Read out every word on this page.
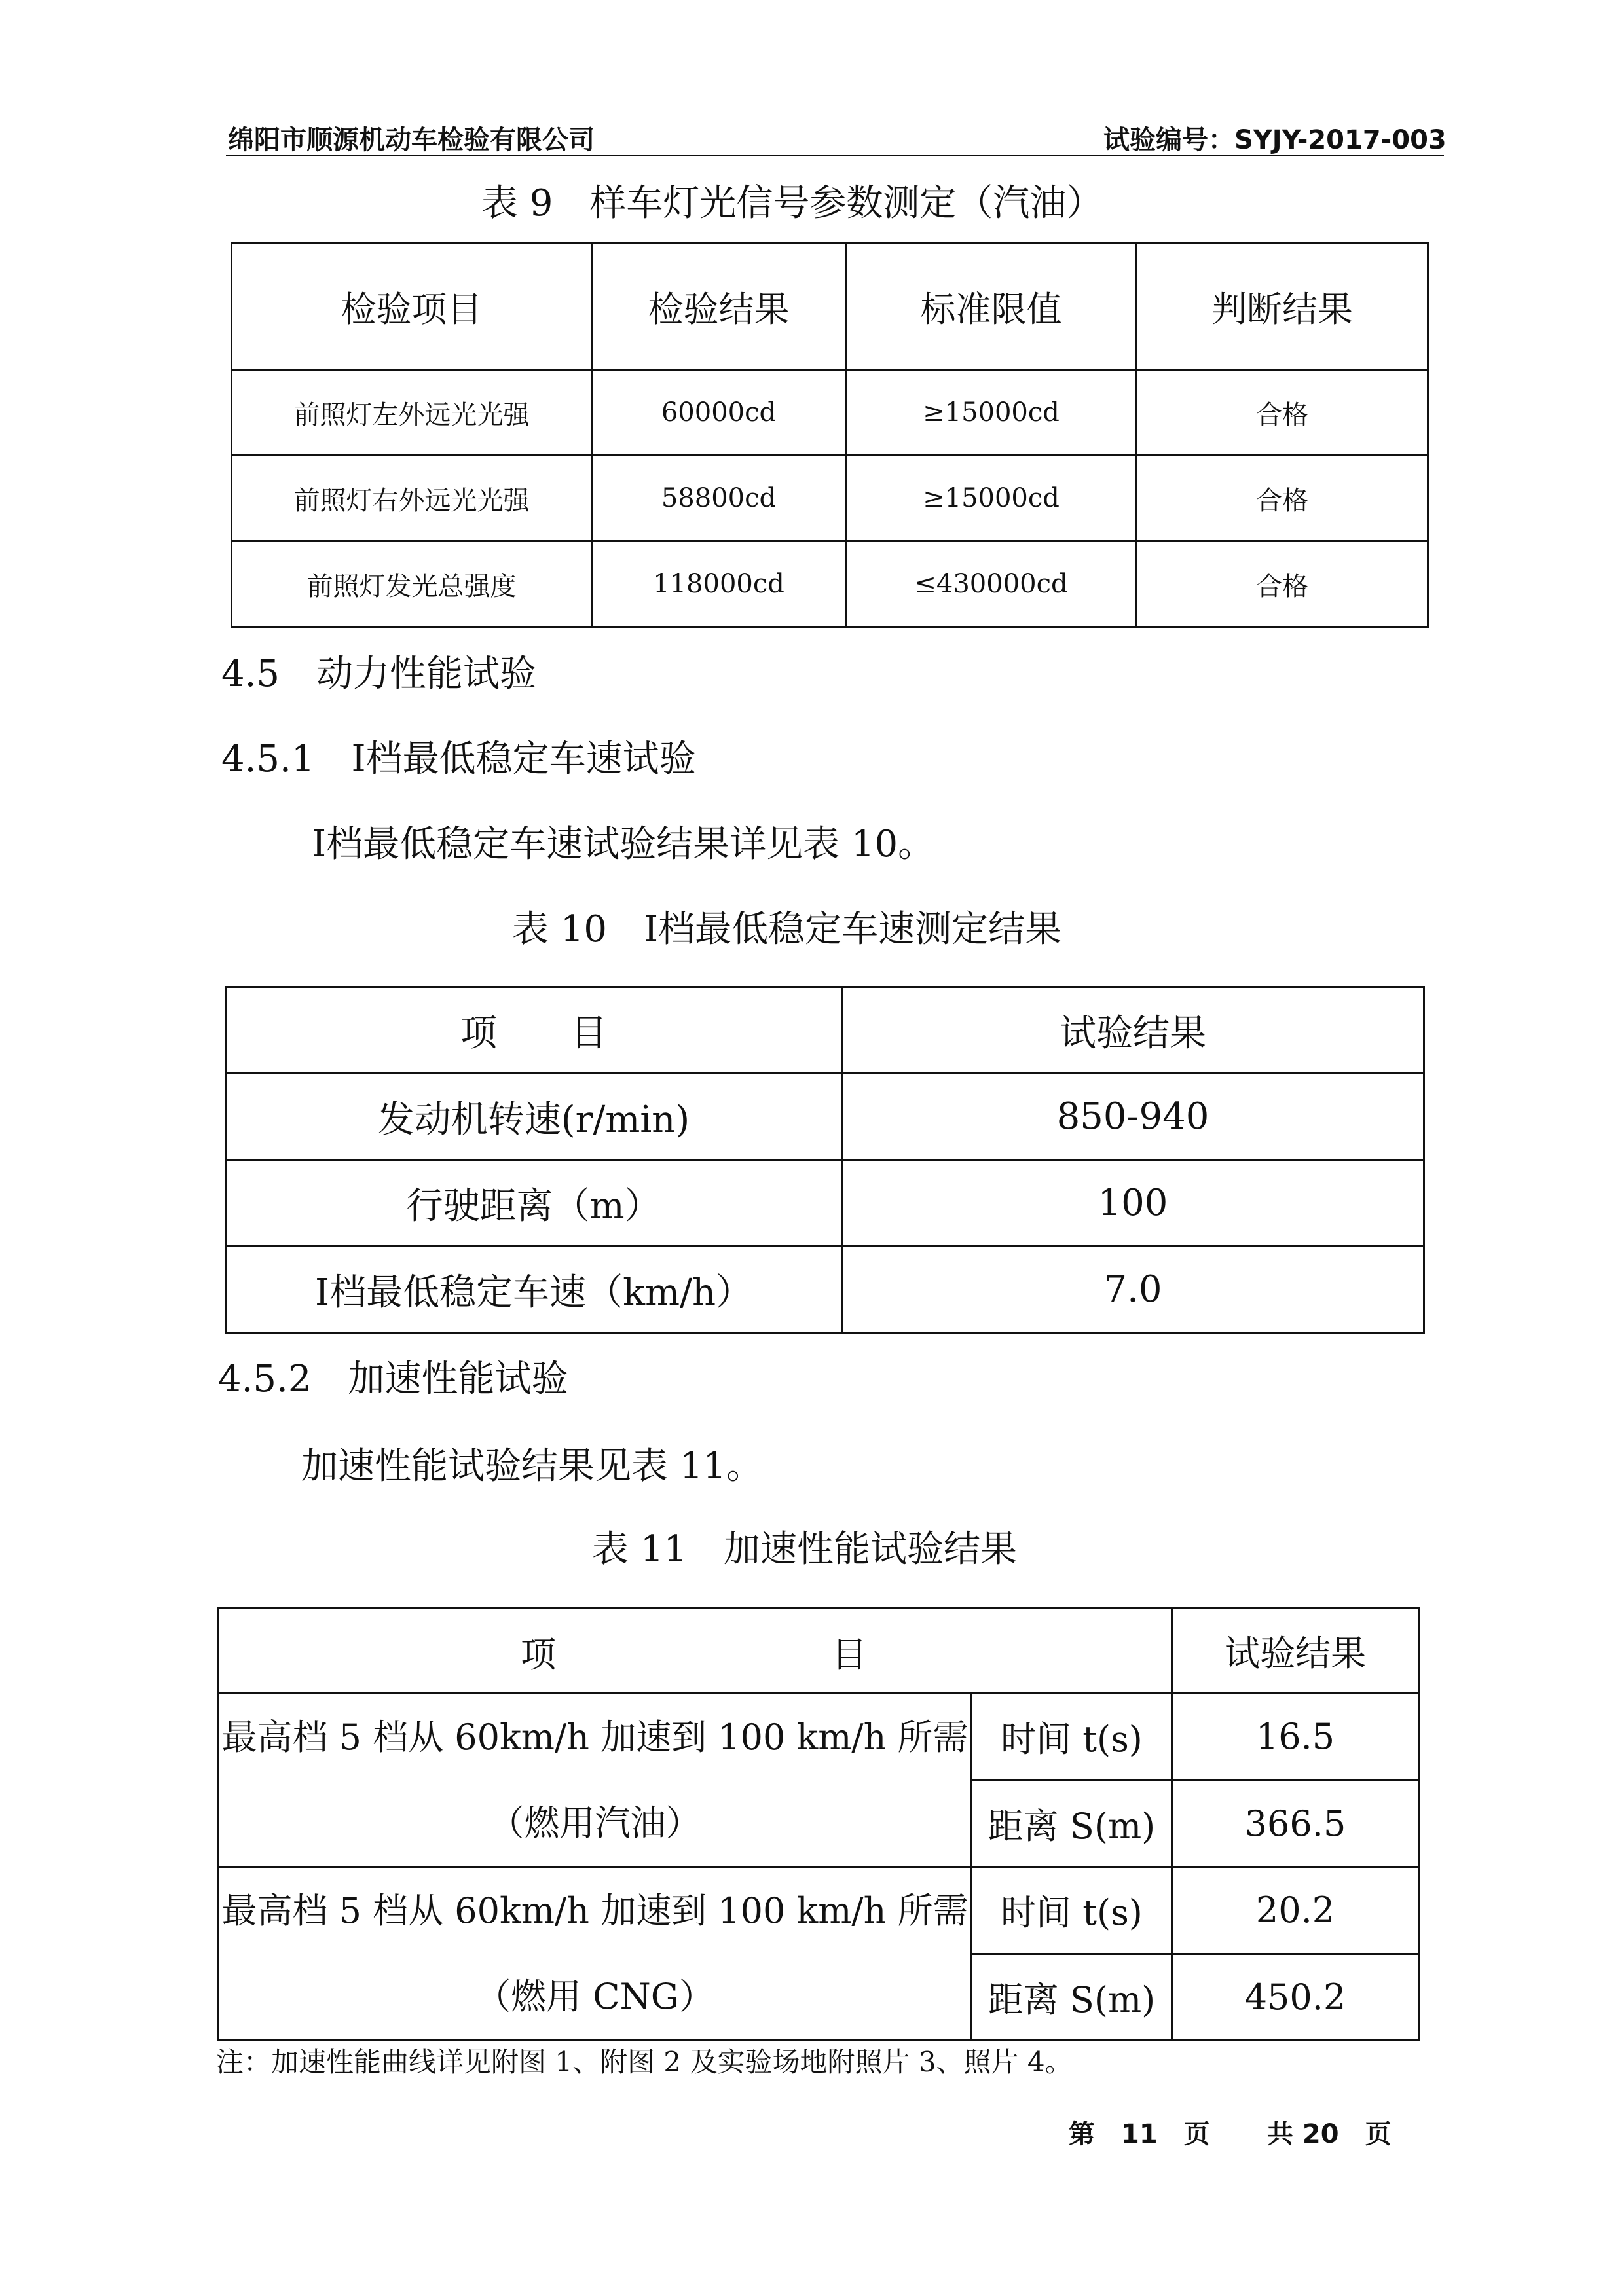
绵阳市顺源机动车检验有限公司	试验编号：SYJY-2017-003
表 9　样车灯光信号参数测定（汽油）
检验项目	检验结果	标准限值	判断结果
前照灯左外远光光强	60000cd	≥15000cd	合格
前照灯右外远光光强	58800cd	≥15000cd	合格
前照灯发光总强度	118000cd	≤430000cd	合格
4.5　动力性能试验
4.5.1　Ⅰ档最低稳定车速试验
Ⅰ档最低稳定车速试验结果详见表 10。
表 10　Ⅰ档最低稳定车速测定结果
项　　目	试验结果
发动机转速(r/min)	850-940
行驶距离（m）	100
Ⅰ档最低稳定车速（km/h）	7.0
4.5.2　加速性能试验
加速性能试验结果见表 11。
表 11　加速性能试验结果
项 目		试验结果

最高档 5 档从 60km/h 加速到 100 km/h 所需
（燃用汽油）	时间 t(s)	16.5
	距离 S(m)	366.5

最高档 5 档从 60km/h 加速到 100 km/h 所需
（燃用 CNG）	时间 t(s)	20.2
	距离 S(m)	450.2
注：加速性能曲线详见附图 1、附图 2 及实验场地附照片 3、照片 4。
第　11　页 共 20　页
